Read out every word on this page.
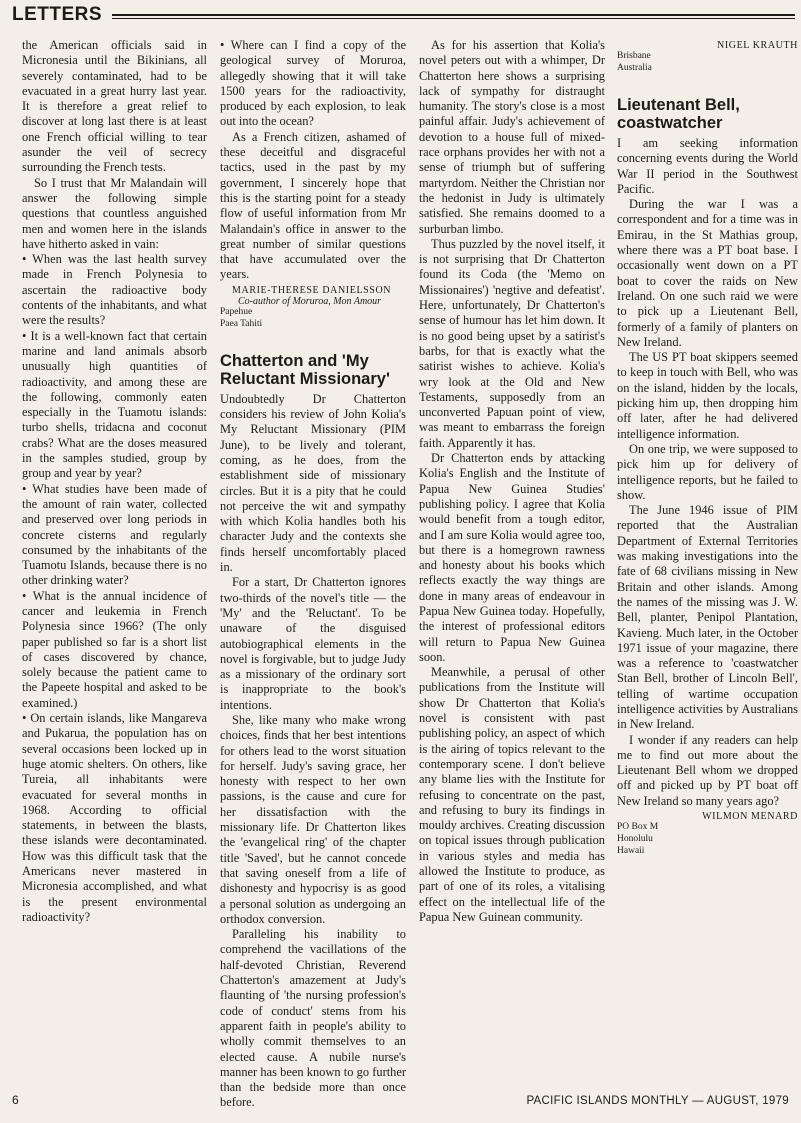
LETTERS

the American officials said in Micronesia until the Bikinians, all severely contaminated, had to be evacuated in a great hurry last year. It is therefore a great relief to discover at long last there is at least one French official willing to tear asunder the veil of secrecy surrounding the French tests.

So I trust that Mr Malandain will answer the following simple questions that countless anguished men and women here in the islands have hitherto asked in vain:

• When was the last health survey made in French Polynesia to ascertain the radioactive body contents of the inhabitants, and what were the results?

• It is a well-known fact that certain marine and land animals absorb unusually high quantities of radioactivity, and among these are the following, commonly eaten especially in the Tuamotu islands: turbo shells, tridacna and coconut crabs? What are the doses measured in the samples studied, group by group and year by year?

• What studies have been made of the amount of rain water, collected and preserved over long periods in concrete cisterns and regularly consumed by the inhabitants of the Tuamotu Islands, because there is no other drinking water?

• What is the annual incidence of cancer and leukemia in French Polynesia since 1966? (The only paper published so far is a short list of cases discovered by chance, solely because the patient came to the Papeete hospital and asked to be examined.)

• On certain islands, like Mangareva and Pukarua, the population has on several occasions been locked up in huge atomic shelters. On others, like Tureia, all inhabitants were evacuated for several months in 1968. According to official statements, in between the blasts, these islands were decontaminated. How was this difficult task that the Americans never mastered in Micronesia accomplished, and what is the present environmental radioactivity?

• Where can I find a copy of the geological survey of Moruroa, allegedly showing that it will take 1500 years for the radioactivity, produced by each explosion, to leak out into the ocean?

As a French citizen, ashamed of these deceitful and disgraceful tactics, used in the past by my government, I sincerely hope that this is the starting point for a steady flow of useful information from Mr Malandain's office in answer to the great number of similar questions that have accumulated over the years.

MARIE-THERESE DANIELSSON
Co-author of Moruroa, Mon Amour
Papehue
Paea Tahiti
Chatterton and 'My Reluctant Missionary'

Undoubtedly Dr Chatterton considers his review of John Kolia's My Reluctant Missionary (PIM June), to be lively and tolerant, coming, as he does, from the establishment side of missionary circles. But it is a pity that he could not perceive the wit and sympathy with which Kolia handles both his character Judy and the contexts she finds herself uncomfortably placed in.

For a start, Dr Chatterton ignores two-thirds of the novel's title — the 'My' and the 'Reluctant'. To be unaware of the disguised autobiographical elements in the novel is forgivable, but to judge Judy as a missionary of the ordinary sort is inappropriate to the book's intentions.

She, like many who make wrong choices, finds that her best intentions for others lead to the worst situation for herself. Judy's saving grace, her honesty with respect to her own passions, is the cause and cure for her dissatisfaction with the missionary life. Dr Chatterton likes the 'evangelical ring' of the chapter title 'Saved', but he cannot concede that saving oneself from a life of dishonesty and hypocrisy is as good a personal solution as undergoing an orthodox conversion.

Paralleling his inability to comprehend the vacillations of the half-devoted Christian, Reverend Chatterton's amazement at Judy's flaunting of 'the nursing profession's code of conduct' stems from his apparent faith in people's ability to wholly commit themselves to an elected cause. A nubile nurse's manner has been known to go further than the bedside more than once before.

As for his assertion that Kolia's novel peters out with a whimper, Dr Chatterton here shows a surprising lack of sympathy for distraught humanity. The story's close is a most painful affair. Judy's achievement of devotion to a house full of mixed-race orphans provides her with not a sense of triumph but of suffering martyrdom. Neither the Christian nor the hedonist in Judy is ultimately satisfied. She remains doomed to a surburban limbo.

Thus puzzled by the novel itself, it is not surprising that Dr Chatterton found its Coda (the 'Memo on Missionaires') 'negtive and defeatist'. Here, unfortunately, Dr Chatterton's sense of humour has let him down. It is no good being upset by a satirist's barbs, for that is exactly what the satirist wishes to achieve. Kolia's wry look at the Old and New Testaments, supposedly from an unconverted Papuan point of view, was meant to embarrass the foreign faith. Apparently it has.

Dr Chatterton ends by attacking Kolia's English and the Institute of Papua New Guinea Studies' publishing policy. I agree that Kolia would benefit from a tough editor, and I am sure Kolia would agree too, but there is a homegrown rawness and honesty about his books which reflects exactly the way things are done in many areas of endeavour in Papua New Guinea today. Hopefully, the interest of professional editors will return to Papua New Guinea soon.

Meanwhile, a perusal of other publications from the Institute will show Dr Chatterton that Kolia's novel is consistent with past publishing policy, an aspect of which is the airing of topics relevant to the contemporary scene. I don't believe any blame lies with the Institute for refusing to concentrate on the past, and refusing to bury its findings in mouldy archives. Creating discussion on topical issues through publication in various styles and media has allowed the Institute to produce, as part of one of its roles, a vitalising effect on the intellectual life of the Papua New Guinean community.

NIGEL KRAUTH
Brisbane
Australia
Lieutenant Bell, coastwatcher

I am seeking information concerning events during the World War II period in the Southwest Pacific.

During the war I was a correspondent and for a time was in Emirau, in the St Mathias group, where there was a PT boat base. I occasionally went down on a PT boat to cover the raids on New Ireland. On one such raid we were to pick up a Lieutenant Bell, formerly of a family of planters on New Ireland.

The US PT boat skippers seemed to keep in touch with Bell, who was on the island, hidden by the locals, picking him up, then dropping him off later, after he had delivered intelligence information.

On one trip, we were supposed to pick him up for delivery of intelligence reports, but he failed to show.

The June 1946 issue of PIM reported that the Australian Department of External Territories was making investigations into the fate of 68 civilians missing in New Britain and other islands. Among the names of the missing was J. W. Bell, planter, Penipol Plantation, Kavieng. Much later, in the October 1971 issue of your magazine, there was a reference to 'coastwatcher Stan Bell, brother of Lincoln Bell', telling of wartime occupation intelligence activities by Australians in New Ireland.

I wonder if any readers can help me to find out more about the Lieutenant Bell whom we dropped off and picked up by PT boat off New Ireland so many years ago?

WILMON MENARD
PO Box M
Honolulu
Hawaii
6	PACIFIC ISLANDS MONTHLY — AUGUST, 1979
